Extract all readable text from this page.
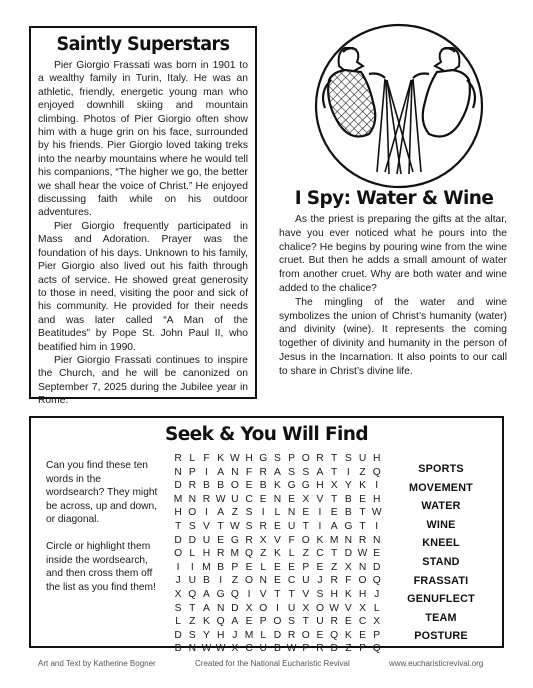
Saintly Superstars

Pier Giorgio Frassati was born in 1901 to a wealthy family in Turin, Italy. He was an athletic, friendly, energetic young man who enjoyed downhill skiing and mountain climbing. Photos of Pier Giorgio often show him with a huge grin on his face, surrounded by his friends. Pier Giorgio loved taking treks into the nearby mountains where he would tell his companions, “The higher we go, the better we shall hear the voice of Christ.” He enjoyed discussing faith while on his outdoor adventures.

Pier Giorgio frequently participated in Mass and Adoration. Prayer was the foundation of his days. Unknown to his family, Pier Giorgio also lived out his faith through acts of service. He showed great generosity to those in need, visiting the poor and sick of his community. He provided for their needs and was later called “A Man of the Beatitudes” by Pope St. John Paul II, who beatified him in 1990.

Pier Giorgio Frassati continues to inspire the Church, and he will be canonized on September 7, 2025 during the Jubilee year in Rome.

I Spy: Water & Wine

As the priest is preparing the gifts at the altar, have you ever noticed what he pours into the chalice? He begins by pouring wine from the wine cruet. But then he adds a small amount of water from another cruet. Why are both water and wine added to the chalice?

The mingling of the water and wine symbolizes the union of Christ’s humanity (water) and divinity (wine). It represents the coming together of divinity and humanity in the person of Jesus in the Incarnation. It also points to our call to share in Christ’s divine life.

Seek & You Will Find

Can you find these ten words in the wordsearch? They might be across, up and down, or diagonal.

Circle or highlight them inside the wordsearch, and then cross them off the list as you find them!

R L F K W H G S P O R T S U H
N P I A N F R A S S A T I Z Q
D R B B O E B K G G H X Y K I
M N R W U C E N E X V T B E H
H O I A Z S I L N E I E B T W
T S V T W S R E U T I A G T I
D D U E G R X V F O K M N R N
O L H R M Q Z K L Z C T D W E
I	I M B P E L E E P E Z X N D
J U B I Z O N E C U J R F O Q
X Q A G Q I V T T V S H K H J
S T A N D X O I U X O W V X L
L Z K Q A E P O S T U R E C X
D S Y H J M L D R O E Q K E P
B N W W X C U B W P R D Z P Q
SPORTS
MOVEMENT
WATER
WINE
KNEEL
STAND
FRASSATI
GENUFLECT
TEAM
POSTURE
Art and Text by Katherine Bogner	Created for the National Eucharistic Revival	www.eucharisticrevival.org
